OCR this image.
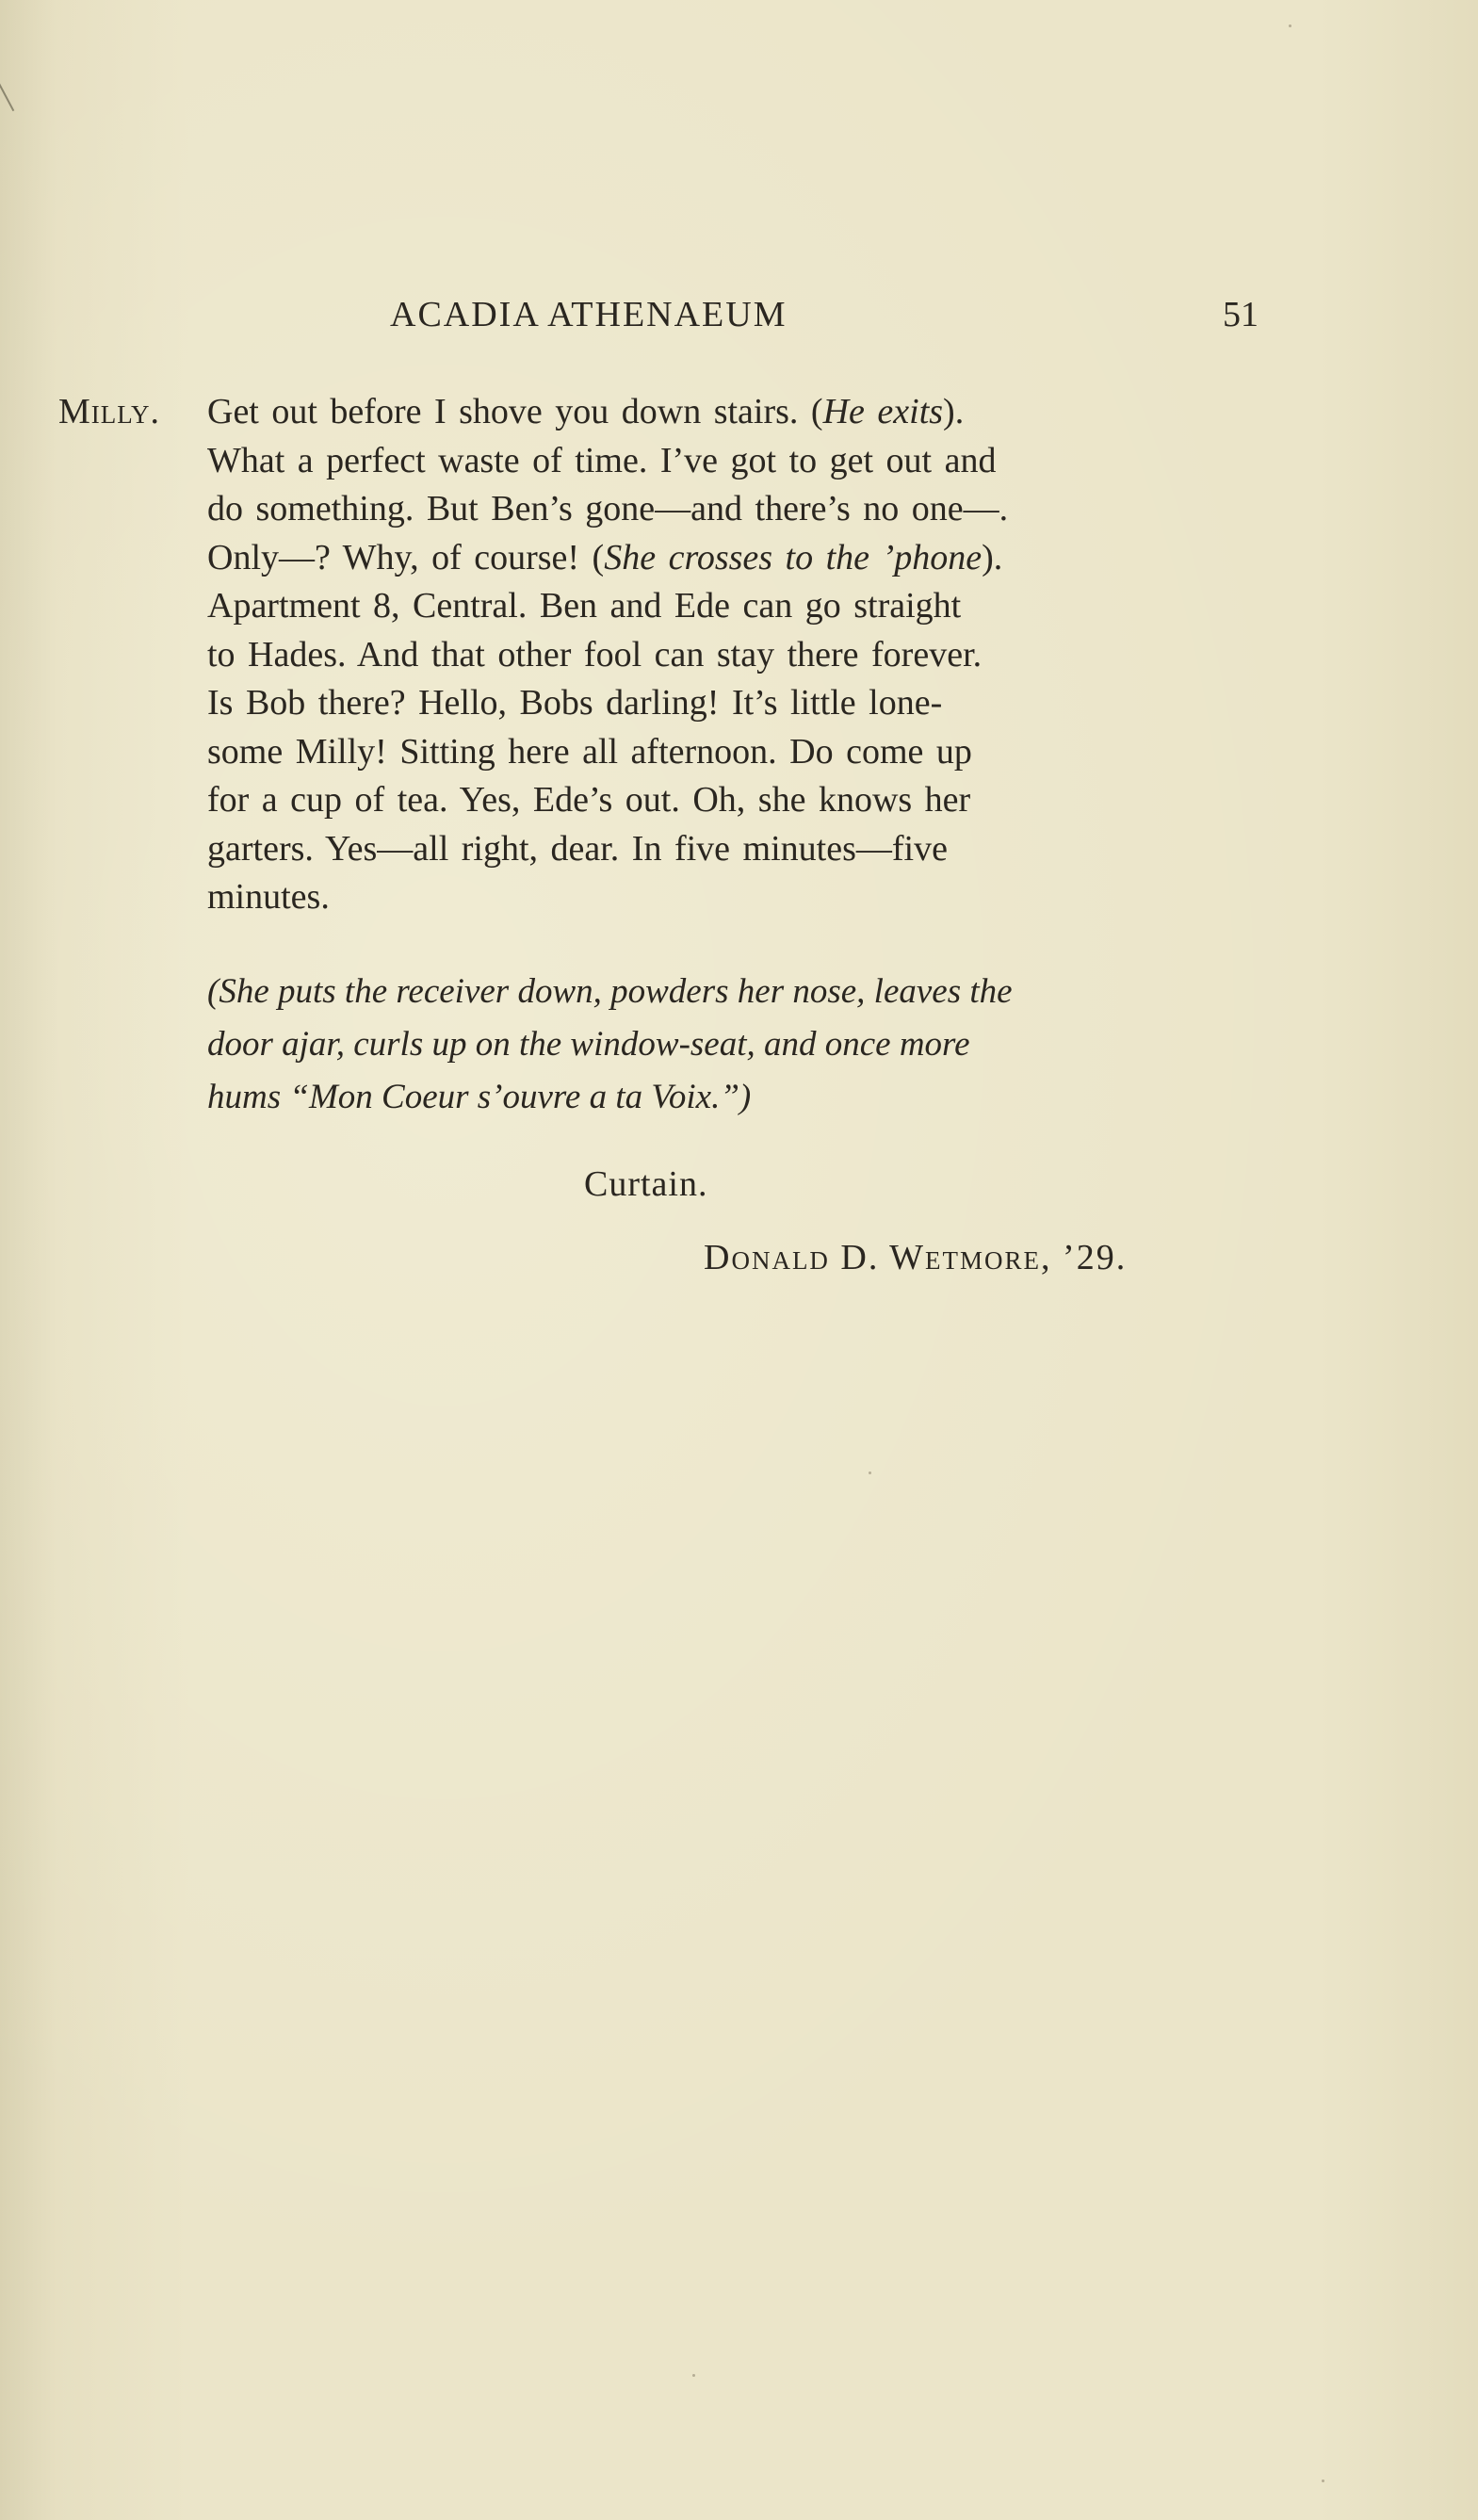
ACADIA ATHENAEUM	51
Milly. Get out before I shove you down stairs. (He exits).
What a perfect waste of time. I’ve got to get out and
do something. But Ben’s gone—and there’s no one—.
Only—? Why, of course! (She crosses to the ’phone).
Apartment 8, Central. Ben and Ede can go straight
to Hades. And that other fool can stay there forever.
Is Bob there? Hello, Bobs darling! It’s little lone-
some Milly! Sitting here all afternoon. Do come up
for a cup of tea. Yes, Ede’s out. Oh, she knows her
garters. Yes—all right, dear. In five minutes—five
minutes.
(She puts the receiver down, powders her nose, leaves the
door ajar, curls up on the window-seat, and once more
hums “Mon Coeur s’ouvre a ta Voix.”)
Curtain.
Donald D. Wetmore, ’29.
